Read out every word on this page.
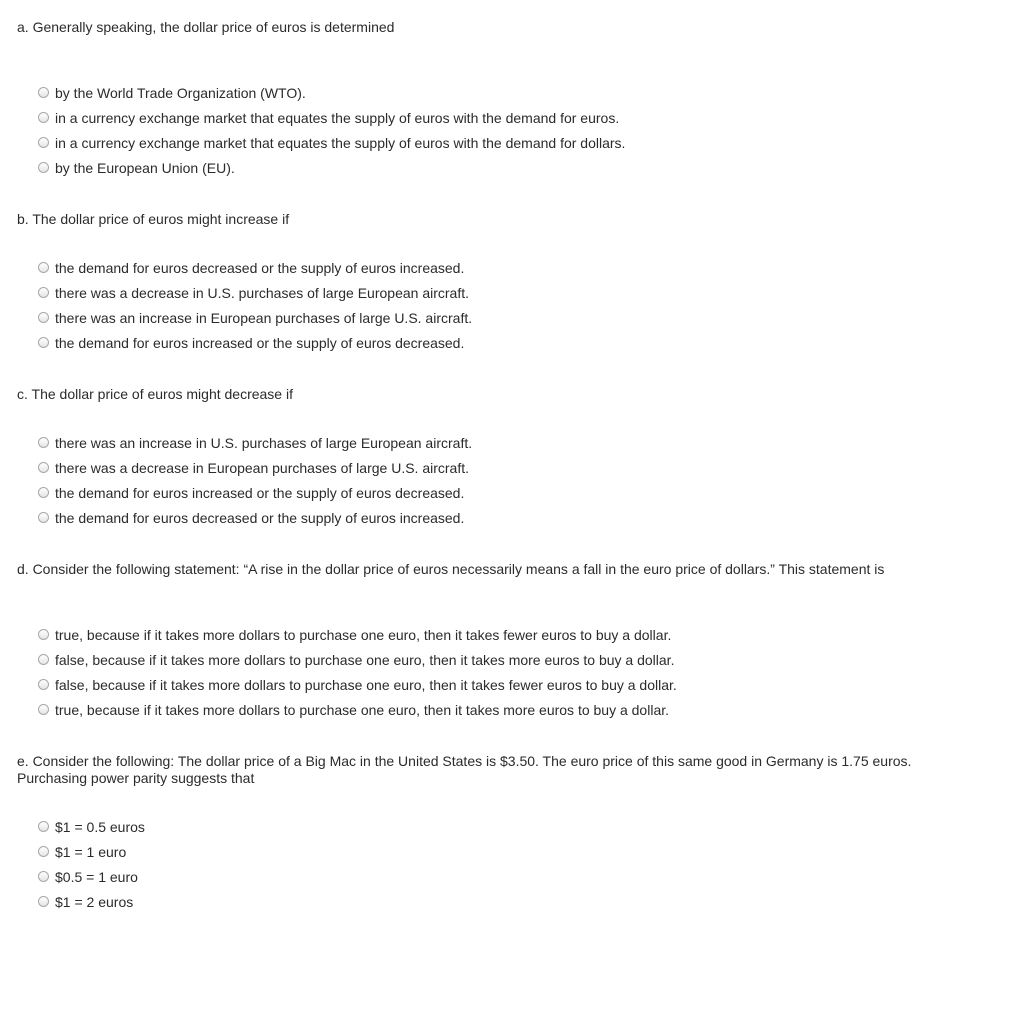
a. Generally speaking, the dollar price of euros is determined

by the World Trade Organization (WTO).
in a currency exchange market that equates the supply of euros with the demand for euros.
in a currency exchange market that equates the supply of euros with the demand for dollars.
by the European Union (EU).

b. The dollar price of euros might increase if

the demand for euros decreased or the supply of euros increased.
there was a decrease in U.S. purchases of large European aircraft.
there was an increase in European purchases of large U.S. aircraft.
the demand for euros increased or the supply of euros decreased.

c. The dollar price of euros might decrease if

there was an increase in U.S. purchases of large European aircraft.
there was a decrease in European purchases of large U.S. aircraft.
the demand for euros increased or the supply of euros decreased.
the demand for euros decreased or the supply of euros increased.

d. Consider the following statement: “A rise in the dollar price of euros necessarily means a fall in the euro price of dollars.” This statement is

true, because if it takes more dollars to purchase one euro, then it takes fewer euros to buy a dollar.
false, because if it takes more dollars to purchase one euro, then it takes more euros to buy a dollar.
false, because if it takes more dollars to purchase one euro, then it takes fewer euros to buy a dollar.
true, because if it takes more dollars to purchase one euro, then it takes more euros to buy a dollar.

e. Consider the following: The dollar price of a Big Mac in the United States is $3.50. The euro price of this same good in Germany is 1.75 euros. Purchasing power parity suggests that

$1 = 0.5 euros
$1 = 1 euro
$0.5 = 1 euro
$1 = 2 euros
